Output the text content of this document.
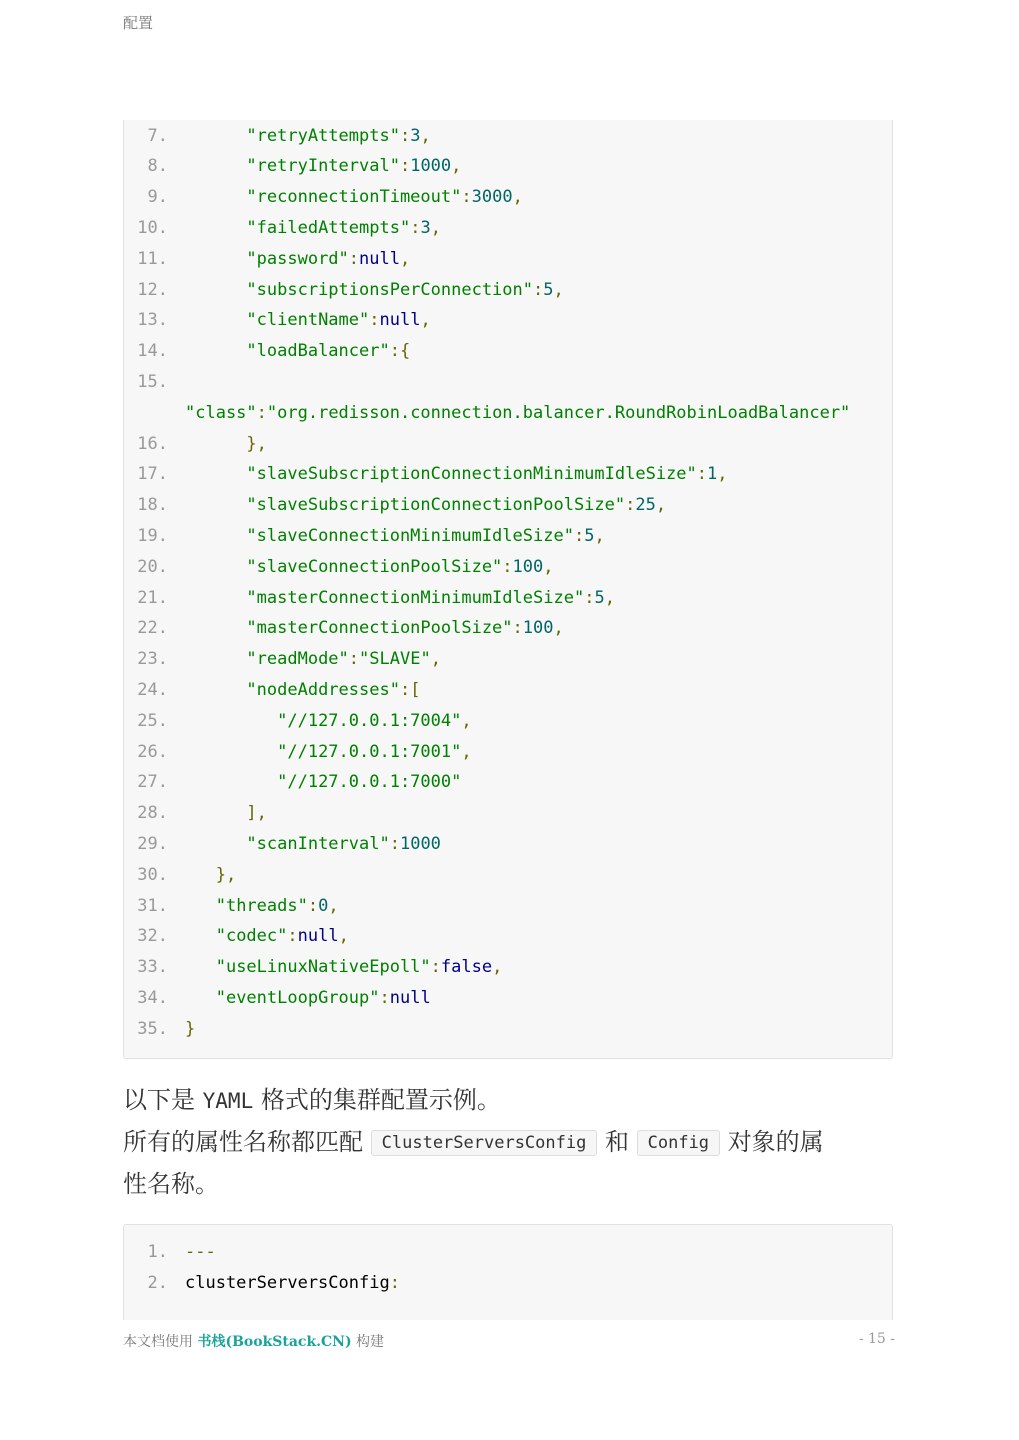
配置
7.	"retryAttempts":3,
8.	"retryInterval":1000,
9.	"reconnectionTimeout":3000,
10.	"failedAttempts":3,
11.	"password":null,
12.	"subscriptionsPerConnection":5,
13.	"clientName":null,
14.	"loadBalancer":{
15.
"class":"org.redisson.connection.balancer.RoundRobinLoadBalancer"
16.	},
17.	"slaveSubscriptionConnectionMinimumIdleSize":1,
18.	"slaveSubscriptionConnectionPoolSize":25,
19.	"slaveConnectionMinimumIdleSize":5,
20.	"slaveConnectionPoolSize":100,
21.	"masterConnectionMinimumIdleSize":5,
22.	"masterConnectionPoolSize":100,
23.	"readMode":"SLAVE",
24.	"nodeAddresses":[
25.	"//127.0.0.1:7004",
26.	"//127.0.0.1:7001",
27.	"//127.0.0.1:7000"
28.	],
29.	"scanInterval":1000
30.	},
31.	"threads":0,
32.	"codec":null,
33.	"useLinuxNativeEpoll":false,
34.	"eventLoopGroup":null
35. }
以下是 YAML 格式的集群配置示例。
所有的属性名称都匹配 ClusterServersConfig 和 Config 对象的属
性名称。
1. ---
2. clusterServersConfig:
本文档使用 书栈(BookStack.CN) 构建	- 15 -
